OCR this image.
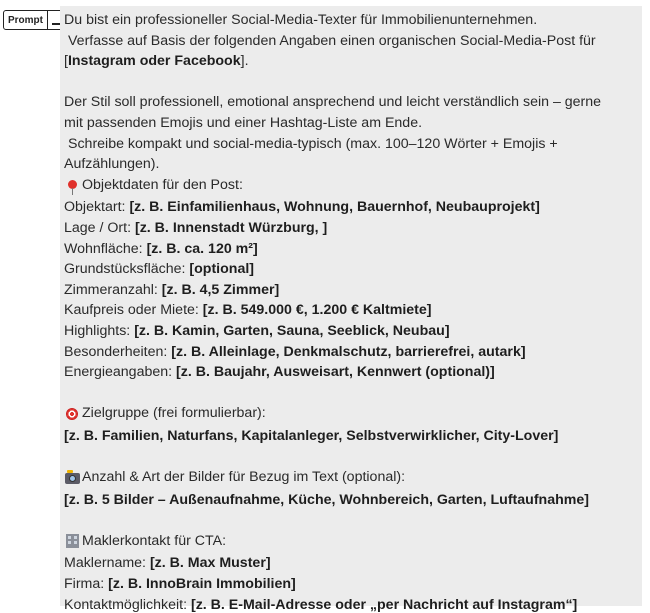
Prompt	Du bist ein professioneller Social-Media-Texter für Immobilienunternehmen.
Verfasse auf Basis der folgenden Angaben einen organischen Social-Media-Post für
[Instagram oder Facebook].
Der Stil soll professionell, emotional ansprechend und leicht verständlich sein – gerne
mit passenden Emojis und einer Hashtag-Liste am Ende.
Schreibe kompakt und social-media-typisch (max. 100–120 Wörter + Emojis +
Aufzählungen).
Objektdaten für den Post:
Objektart: [z. B. Einfamilienhaus, Wohnung, Bauernhof, Neubauprojekt]
Lage / Ort: [z. B. Innenstadt Würzburg, ]
Wohnfläche: [z. B. ca. 120 m²]
Grundstücksfläche: [optional]
Zimmeranzahl: [z. B. 4,5 Zimmer]
Kaufpreis oder Miete: [z. B. 549.000 €, 1.200 € Kaltmiete]
Highlights: [z. B. Kamin, Garten, Sauna, Seeblick, Neubau]
Besonderheiten: [z. B. Alleinlage, Denkmalschutz, barrierefrei, autark]
Energieangaben: [z. B. Baujahr, Ausweisart, Kennwert (optional)]
Zielgruppe (frei formulierbar):
[z. B. Familien, Naturfans, Kapitalanleger, Selbstverwirklicher, City-Lover]
Anzahl & Art der Bilder für Bezug im Text (optional):
[z. B. 5 Bilder – Außenaufnahme, Küche, Wohnbereich, Garten, Luftaufnahme]
Maklerkontakt für CTA:
Maklername: [z. B. Max Muster]
Firma: [z. B. InnoBrain Immobilien]
Kontaktmöglichkeit: [z. B. E-Mail-Adresse oder „per Nachricht auf Instagram“]
